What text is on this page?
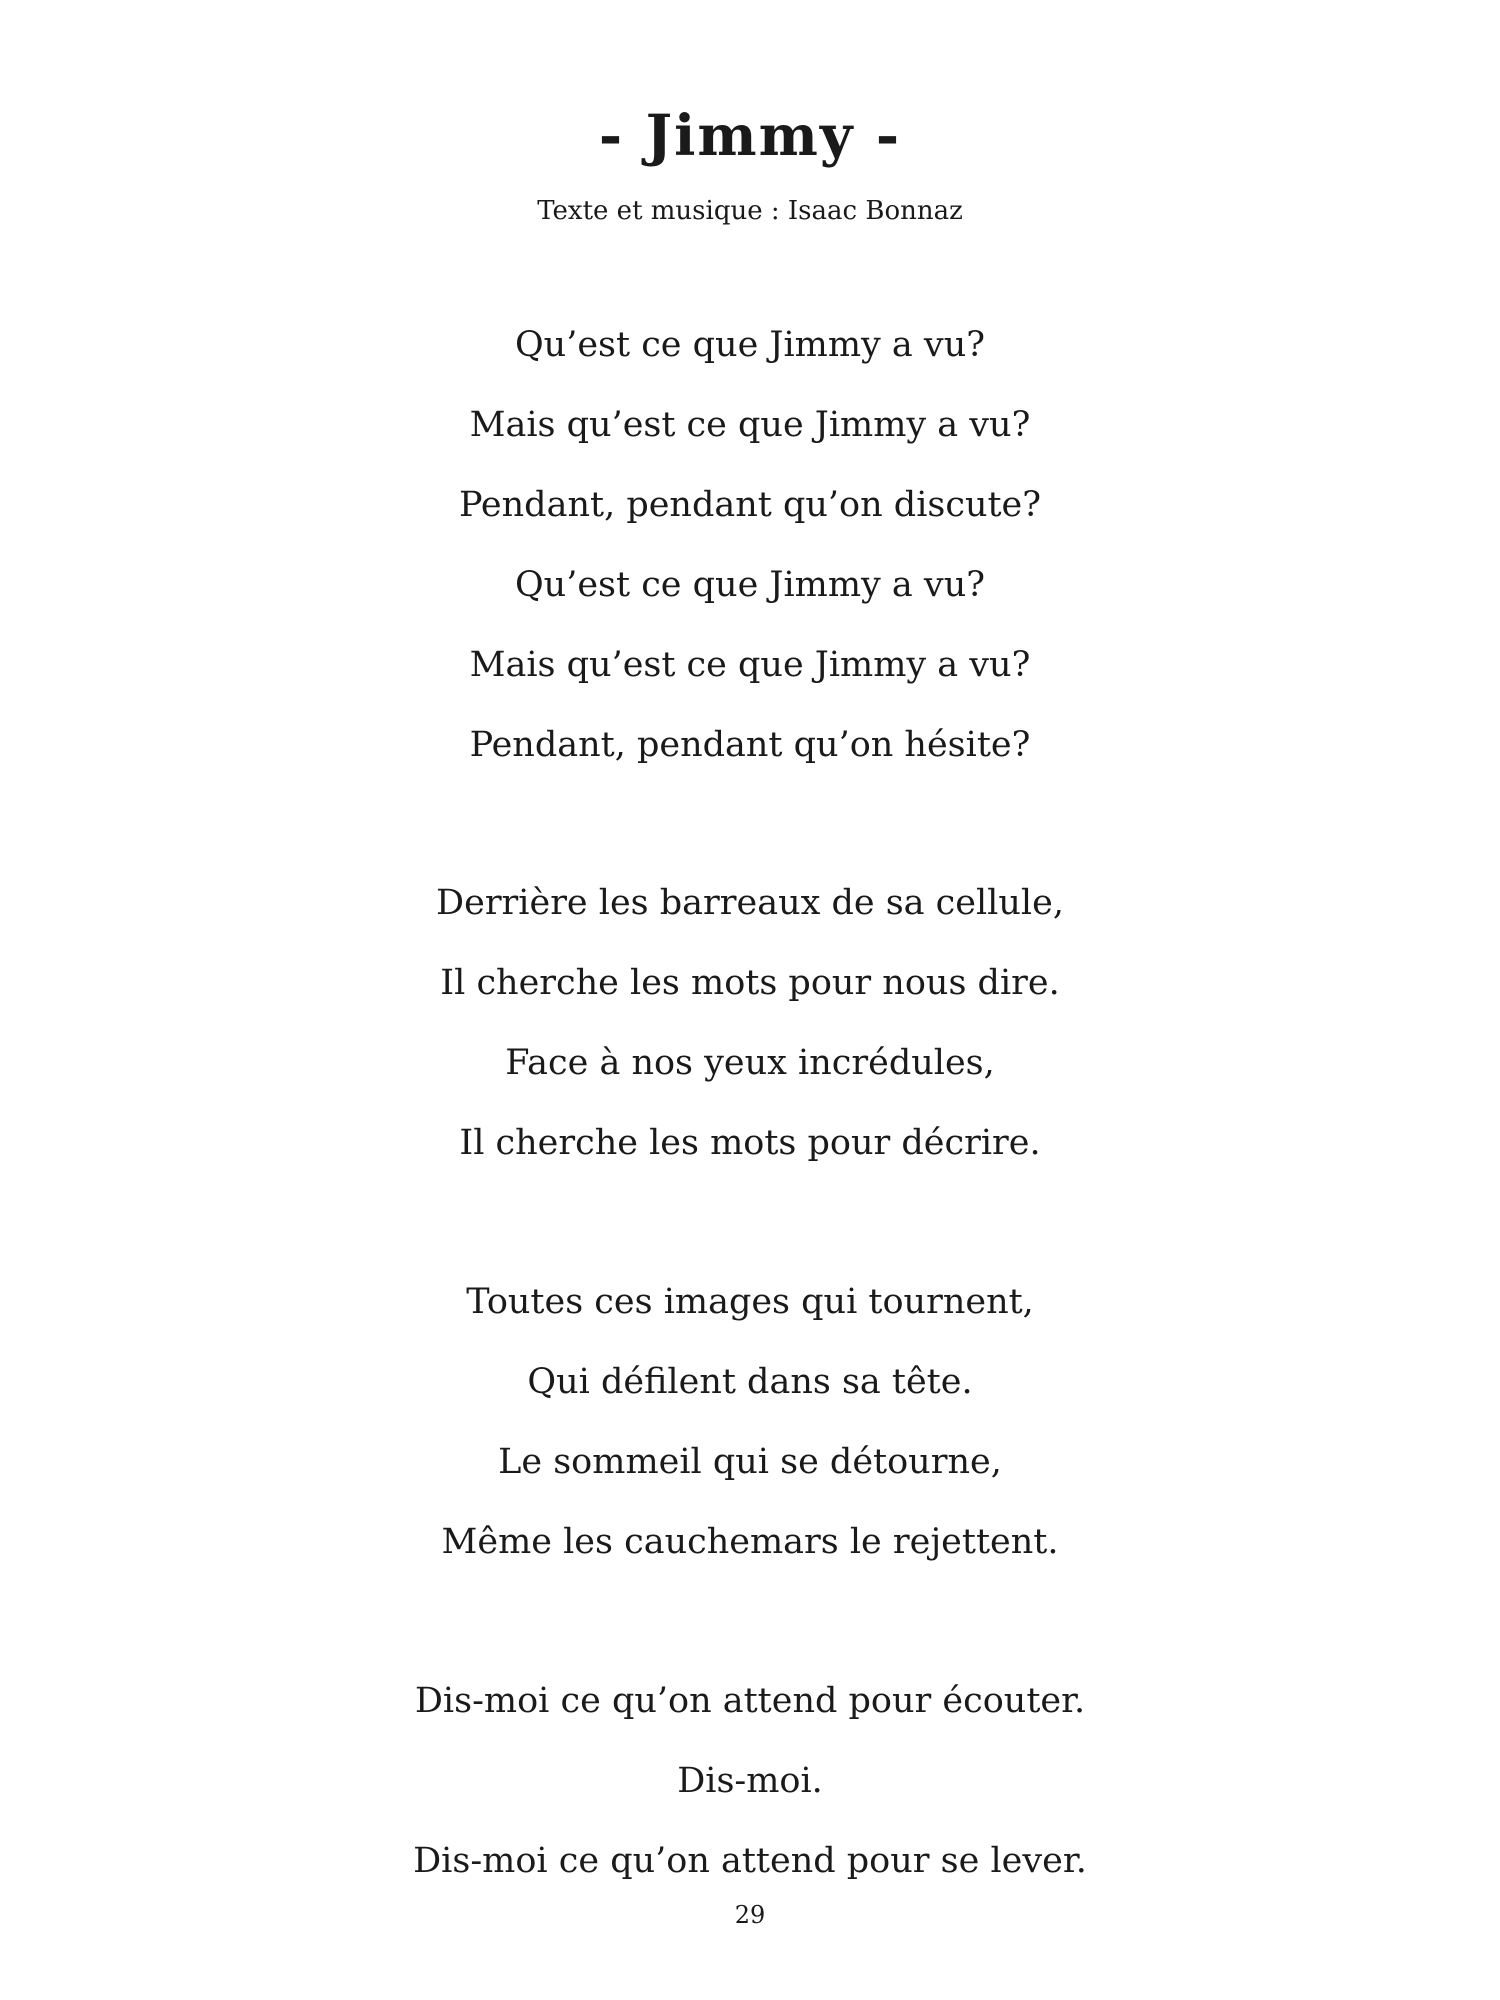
- Jimmy -
Texte et musique : Isaac Bonnaz
Qu’est ce que Jimmy a vu?
Mais qu’est ce que Jimmy a vu?
Pendant, pendant qu’on discute?
Qu’est ce que Jimmy a vu?
Mais qu’est ce que Jimmy a vu?
Pendant, pendant qu’on hésite?
Derrière les barreaux de sa cellule,
Il cherche les mots pour nous dire.
Face à nos yeux incrédules,
Il cherche les mots pour décrire.
Toutes ces images qui tournent,
Qui défilent dans sa tête.
Le sommeil qui se détourne,
Même les cauchemars le rejettent.
Dis-moi ce qu’on attend pour écouter.
Dis-moi.
Dis-moi ce qu’on attend pour se lever.
29
